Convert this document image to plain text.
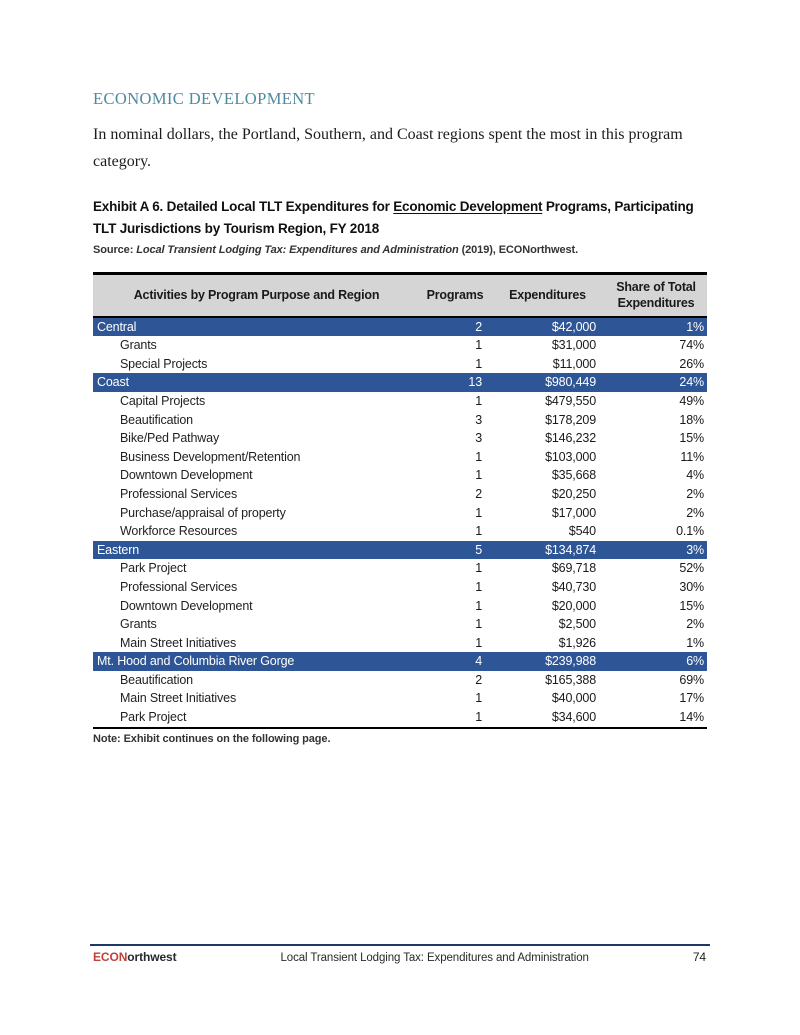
ECONOMIC DEVELOPMENT

In nominal dollars, the Portland, Southern, and Coast regions spent the most in this program category.

Exhibit A 6. Detailed Local TLT Expenditures for Economic Development Programs, Participating TLT Jurisdictions by Tourism Region, FY 2018

Source: Local Transient Lodging Tax: Expenditures and Administration (2019), ECONorthwest.

Activities by Program Purpose and Region	Programs	Expenditures	Share of Total Expenditures
Central	2	$42,000	1%
Grants	1	$31,000	74%
Special Projects	1	$11,000	26%
Coast	13	$980,449	24%
Capital Projects	1	$479,550	49%
Beautification	3	$178,209	18%
Bike/Ped Pathway	3	$146,232	15%
Business Development/Retention	1	$103,000	11%
Downtown Development	1	$35,668	4%
Professional Services	2	$20,250	2%
Purchase/appraisal of property	1	$17,000	2%
Workforce Resources	1	$540	0.1%
Eastern	5	$134,874	3%
Park Project	1	$69,718	52%
Professional Services	1	$40,730	30%
Downtown Development	1	$20,000	15%
Grants	1	$2,500	2%
Main Street Initiatives	1	$1,926	1%
Mt. Hood and Columbia River Gorge	4	$239,988	6%
Beautification	2	$165,388	69%
Main Street Initiatives	1	$40,000	17%
Park Project	1	$34,600	14%

Note: Exhibit continues on the following page.

ECONorthwest	Local Transient Lodging Tax: Expenditures and Administration	74
